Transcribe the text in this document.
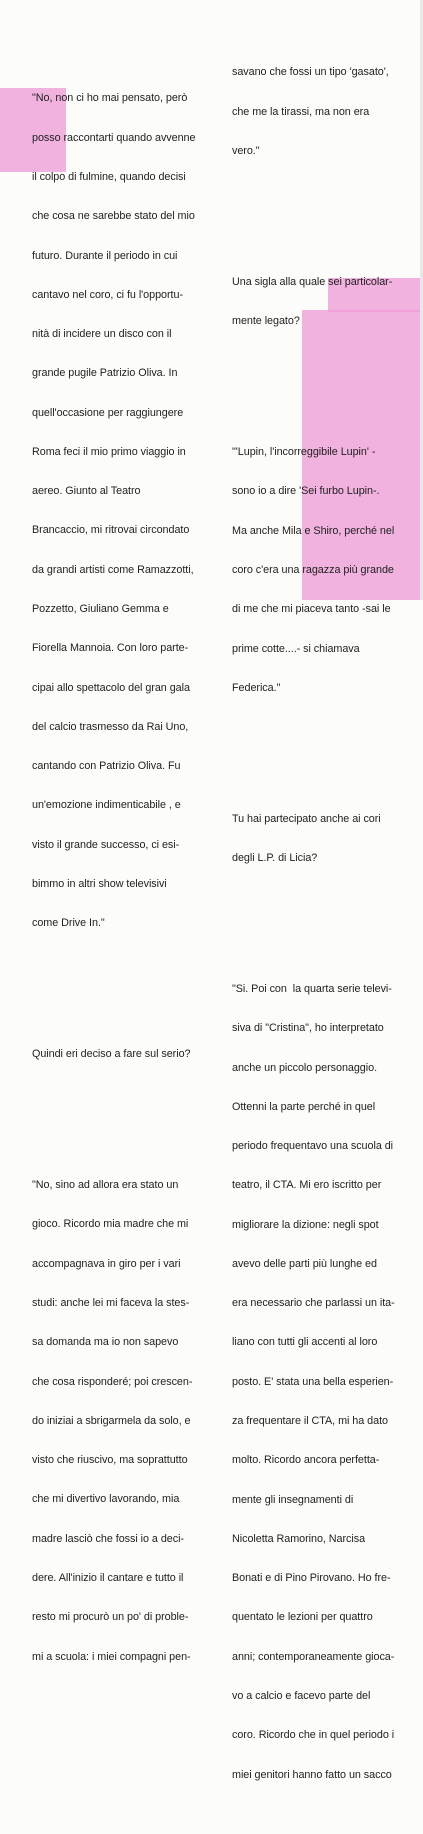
"No, non ci ho mai pensato, però

posso raccontarti quando avvenne

il colpo di fulmine, quando decisi

che cosa ne sarebbe stato del mio

futuro. Durante il periodo in cui

cantavo nel coro, ci fu l'opportu-

nità di incidere un disco con il

grande pugile Patrizio Oliva. In

quell'occasione per raggiungere

Roma feci il mio primo viaggio in

aereo. Giunto al Teatro

Brancaccio, mi ritrovai circondato

da grandi artisti come Ramazzotti,

Pozzetto, Giuliano Gemma e

Fiorella Mannoia. Con loro parte-

cipai allo spettacolo del gran gala

del calcio trasmesso da Rai Uno,

cantando con Patrizio Oliva. Fu

un'emozione indimenticabile , e

visto il grande successo, ci esi-

bimmo in altri show televisivi

come Drive In."

Quindi eri deciso a fare sul serio?

"No, sino ad allora era stato un

gioco. Ricordo mia madre che mi

accompagnava in giro per i vari

studi: anche lei mi faceva la stes-

sa domanda ma io non sapevo

che cosa risponderé; poi crescen-

do iniziai a sbrigarmela da solo, e

visto che riuscivo, ma soprattutto

che mi divertivo lavorando, mia

madre lasciò che fossi io a deci-

dere. All'inizio il cantare e tutto il

resto mi procurò un po' di proble-

mi a scuola: i miei compagni pen-

savano che fossi un tipo 'gasato',

che me la tirassi, ma non era

vero."

Una sigla alla quale sei particolar-

mente legato?

"'Lupin, l'incorreggibile Lupin' -

sono io a dire 'Sei furbo Lupin-.

Ma anche Mila e Shiro, perché nel

coro c'era una ragazza più grande

di me che mi piaceva tanto -sai le

prime cotte....- si chiamava

Federica."

Tu hai partecipato anche ai cori

degli L.P. di Licia?

"Si. Poi con  la quarta serie televi-

siva di "Cristina", ho interpretato

anche un piccolo personaggio.

Ottenni la parte perché in quel

periodo frequentavo una scuola di

teatro, il CTA. Mi ero iscritto per

migliorare la dizione: negli spot

avevo delle parti più lunghe ed

era necessario che parlassi un ita-

liano con tutti gli accenti al loro

posto. E' stata una bella esperien-

za frequentare il CTA, mi ha dato

molto. Ricordo ancora perfetta-

mente gli insegnamenti di

Nicoletta Ramorino, Narcisa

Bonati e di Pino Pirovano. Ho fre-

quentato le lezioni per quattro

anni; contemporaneamente gioca-

vo a calcio e facevo parte del

coro. Ricordo che in quel periodo i

miei genitori hanno fatto un sacco
